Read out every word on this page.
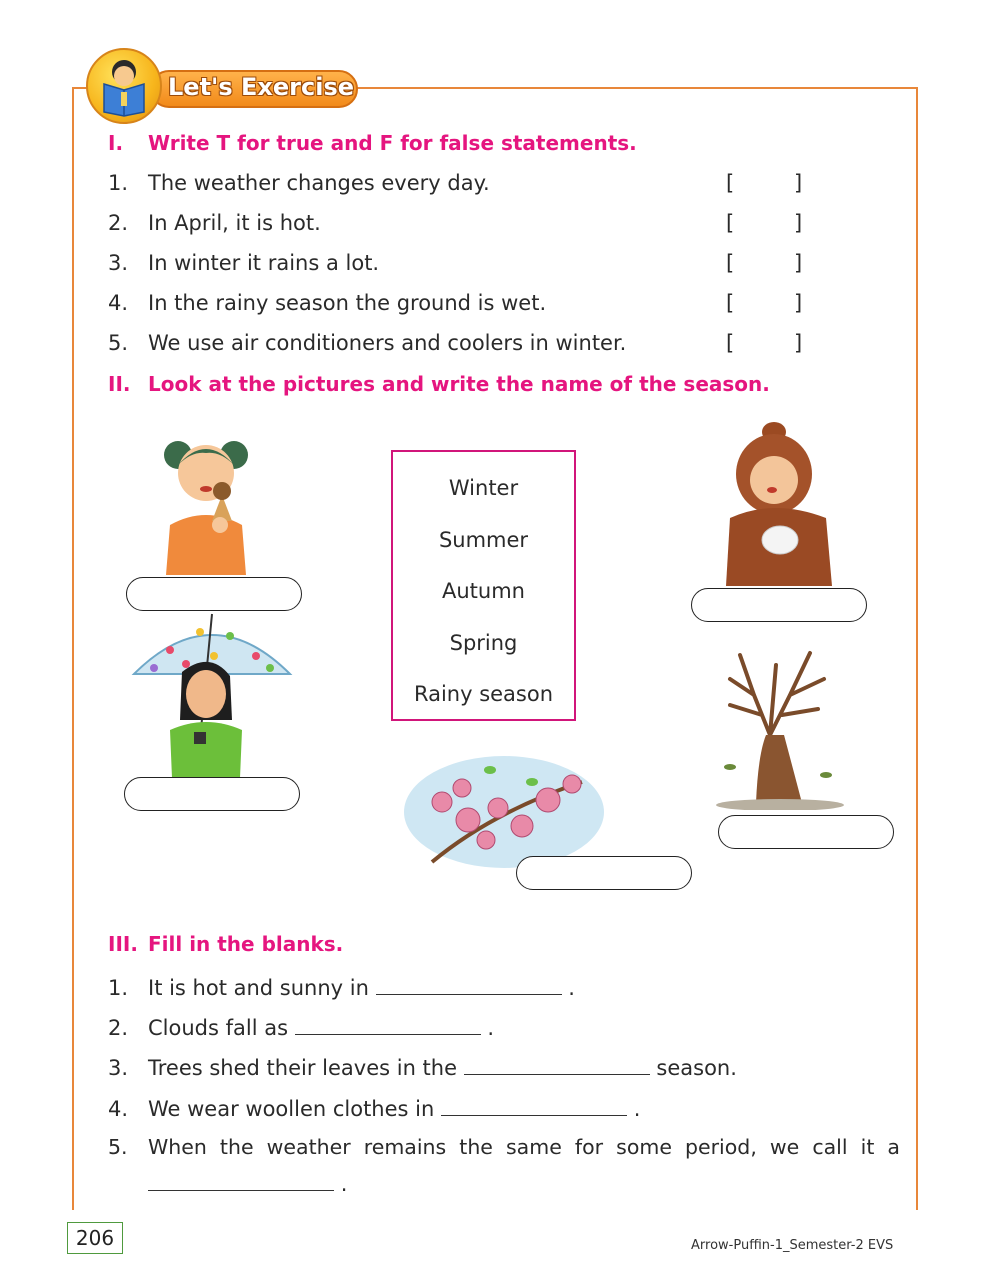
Let's Exercise
I. Write T for true and F for false statements.
1. The weather changes every day.	[	]
2. In April, it is hot.	[	]
3. In winter it rains a lot.	[	]
4. In the rainy season the ground is wet.	[	]
5. We use air conditioners and coolers in winter.	[	]
II. Look at the pictures and write the name of the season.
Winter
Summer
Autumn
Spring
Rainy season
III. Fill in the blanks.
1. It is hot and sunny in	.
2. Clouds fall as	.
3. Trees shed their leaves in the	season.
4. We wear woollen clothes in	.
5. When the weather remains the same for some period, we call it a
.
206	Arrow-Puffin-1_Semester-2 EVS
